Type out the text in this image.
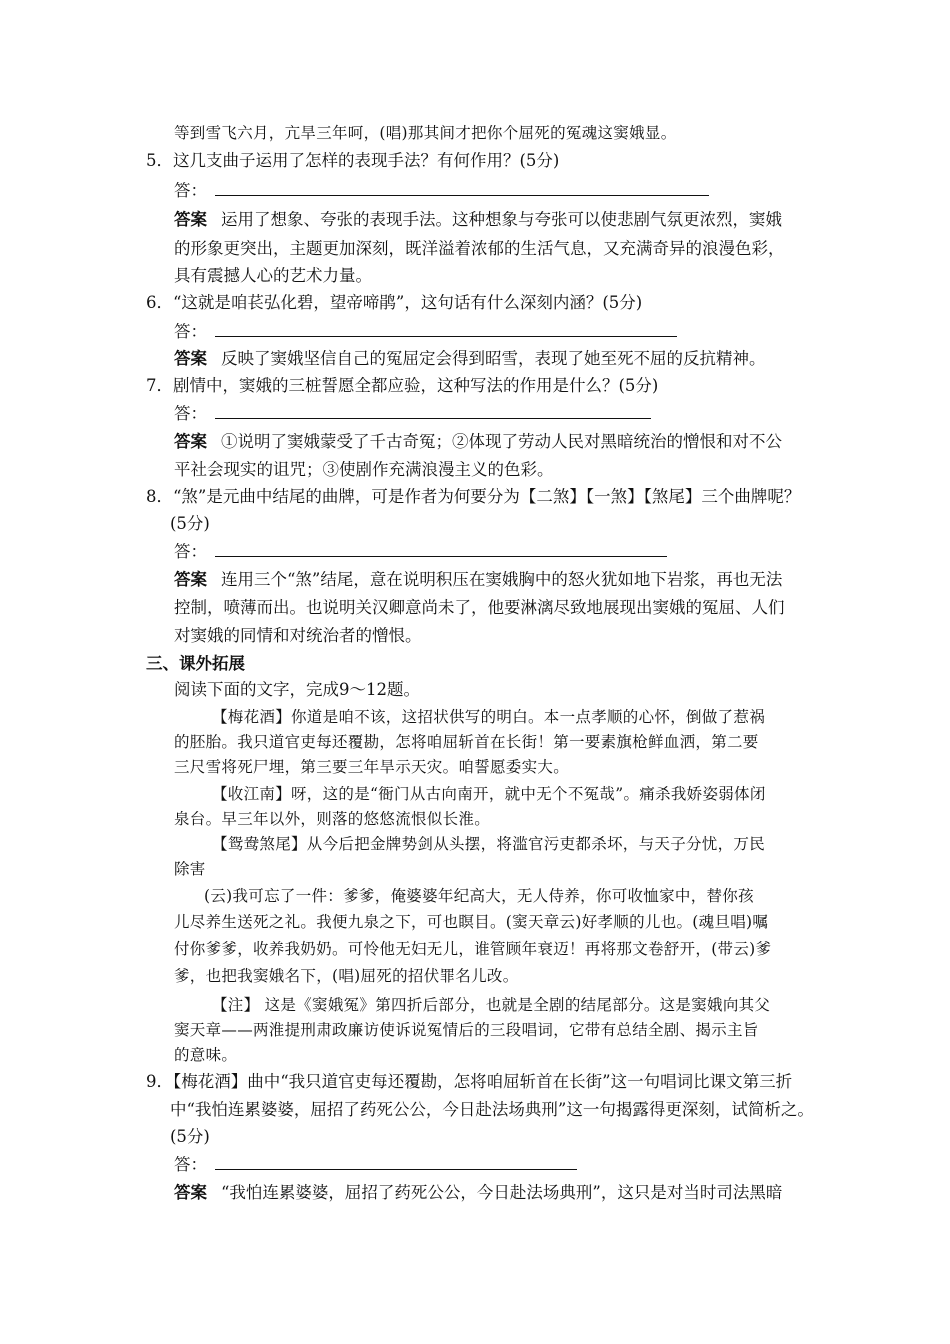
等到雪飞六月，亢旱三年呵，(唱)那其间才把你个屈死的冤魂这窦娥显。
5．这几支曲子运用了怎样的表现手法？有何作用？(5分)
答：
答案 运用了想象、夸张的表现手法。这种想象与夸张可以使悲剧气氛更浓烈，窦娥
的形象更突出，主题更加深刻，既洋溢着浓郁的生活气息，又充满奇异的浪漫色彩，
具有震撼人心的艺术力量。
6．“这就是咱苌弘化碧，望帝啼鹃”，这句话有什么深刻内涵？(5分)
答：
答案 反映了窦娥坚信自己的冤屈定会得到昭雪，表现了她至死不屈的反抗精神。
7．剧情中，窦娥的三桩誓愿全都应验，这种写法的作用是什么？(5分)
答：
答案 ①说明了窦娥蒙受了千古奇冤；②体现了劳动人民对黑暗统治的憎恨和对不公
平社会现实的诅咒；③使剧作充满浪漫主义的色彩。
8．“煞”是元曲中结尾的曲牌，可是作者为何要分为【二煞】【一煞】【煞尾】三个曲牌呢？
(5分)
答：
答案 连用三个“煞”结尾，意在说明积压在窦娥胸中的怒火犹如地下岩浆，再也无法
控制，喷薄而出。也说明关汉卿意尚未了，他要淋漓尽致地展现出窦娥的冤屈、人们
对窦娥的同情和对统治者的憎恨。
三、课外拓展
阅读下面的文字，完成9～12题。
【梅花酒】你道是咱不该，这招状供写的明白。本一点孝顺的心怀，倒做了惹祸
的胚胎。我只道官吏每还覆勘，怎将咱屈斩首在长街！第一要素旗枪鲜血洒，第二要
三尺雪将死尸埋，第三要三年旱示天灾。咱誓愿委实大。
【收江南】呀，这的是“衙门从古向南开，就中无个不冤哉”。痛杀我娇姿弱体闭
泉台。早三年以外，则落的悠悠流恨似长淮。
【鸳鸯煞尾】从今后把金牌势剑从头摆，将滥官污吏都杀坏，与天子分忧，万民
除害
(云)我可忘了一件：爹爹，俺婆婆年纪高大，无人侍养，你可收恤家中，替你孩
儿尽养生送死之礼。我便九泉之下，可也瞑目。(窦天章云)好孝顺的儿也。(魂旦唱)嘱
付你爹爹，收养我奶奶。可怜他无妇无儿，谁管顾年衰迈！再将那文卷舒开，(带云)爹
爹，也把我窦娥名下，(唱)屈死的招伏罪名儿改。
【注】 这是《窦娥冤》第四折后部分，也就是全剧的结尾部分。这是窦娥向其父
窦天章——两淮提刑肃政廉访使诉说冤情后的三段唱词，它带有总结全剧、揭示主旨
的意味。
9．【梅花酒】曲中“我只道官吏每还覆勘，怎将咱屈斩首在长街”这一句唱词比课文第三折
中“我怕连累婆婆，屈招了药死公公，今日赴法场典刑”这一句揭露得更深刻，试简析之。
(5分)
答：
答案 “我怕连累婆婆，屈招了药死公公，今日赴法场典刑”，这只是对当时司法黑暗
